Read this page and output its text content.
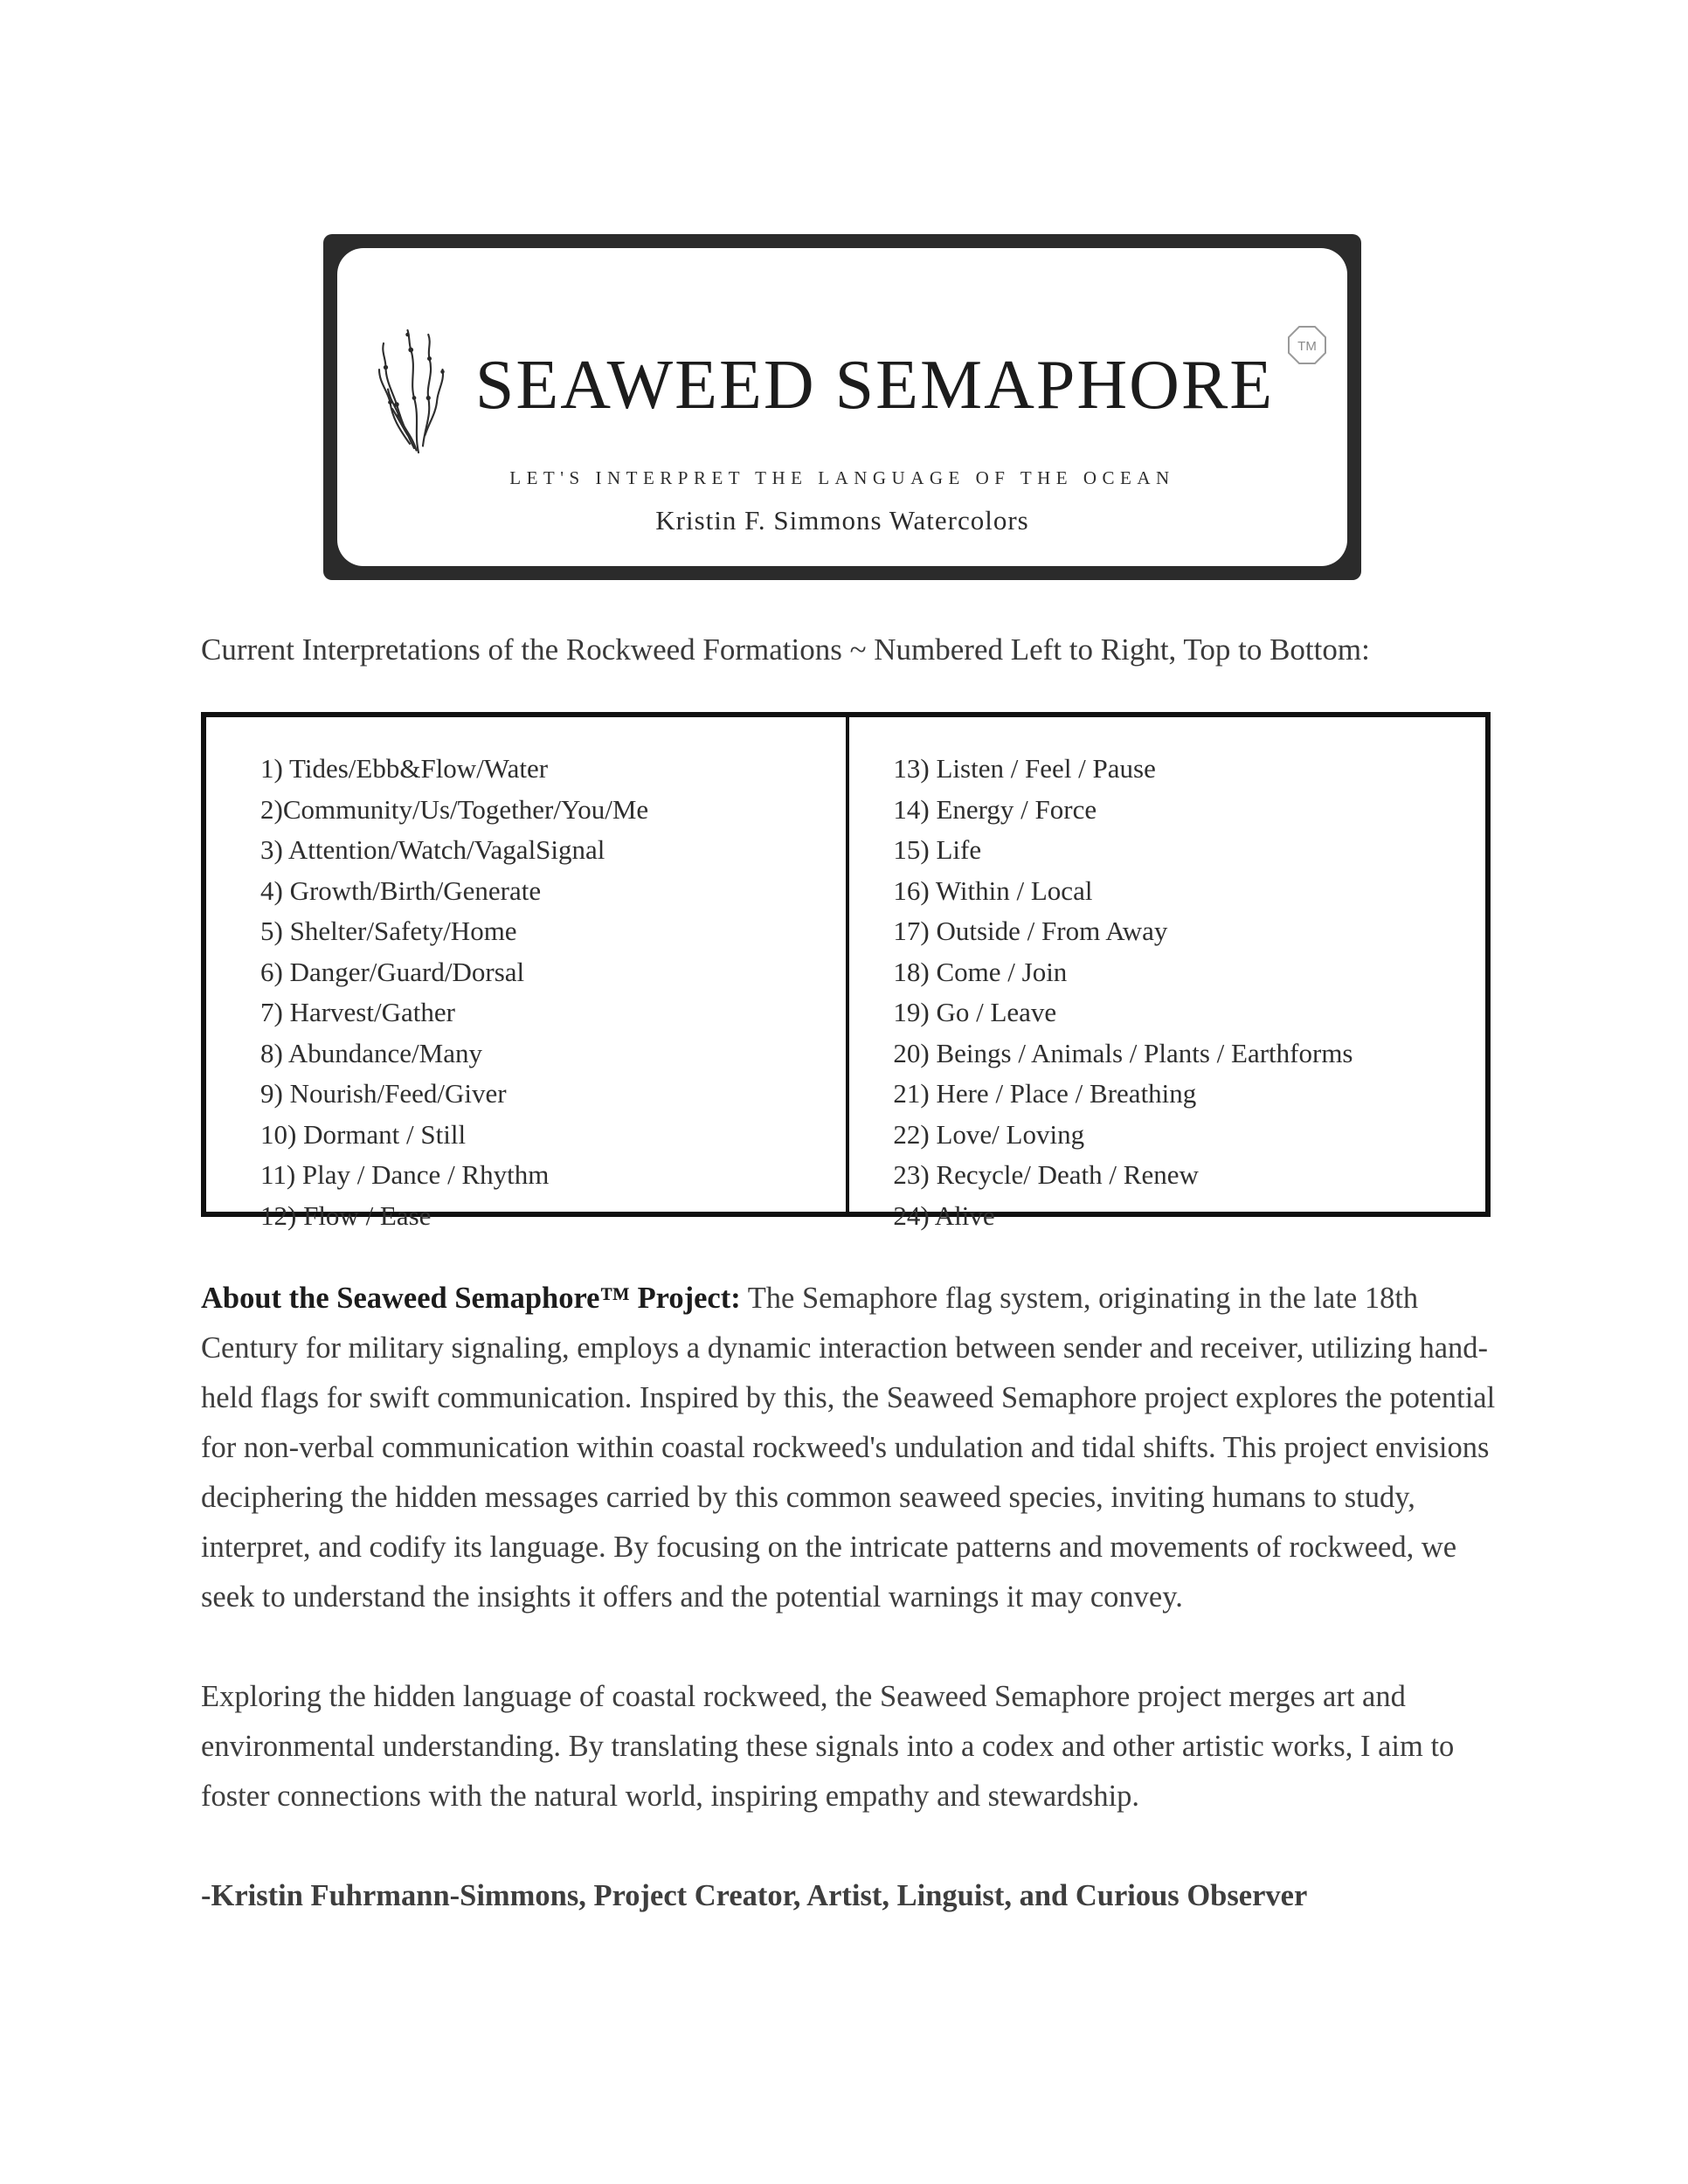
SEAWEED SEMAPHORE
TM
LET'S INTERPRET THE LANGUAGE OF THE OCEAN
Kristin F. Simmons Watercolors
Current Interpretations of the Rockweed Formations ~ Numbered Left to Right, Top to Bottom:
1) Tides/Ebb&Flow/Water
2)Community/Us/Together/You/Me
3) Attention/Watch/VagalSignal
4) Growth/Birth/Generate
5) Shelter/Safety/Home
6) Danger/Guard/Dorsal
7) Harvest/Gather
8) Abundance/Many
9) Nourish/Feed/Giver
10) Dormant / Still
11) Play / Dance / Rhythm
12) Flow / Ease
13) Listen / Feel / Pause
14) Energy / Force
15) Life
16) Within / Local
17) Outside / From Away
18) Come / Join
19) Go / Leave
20) Beings / Animals / Plants / Earthforms
21) Here / Place / Breathing
22) Love/ Loving
23) Recycle/ Death / Renew
24) Alive

About the Seaweed Semaphore™ Project: The Semaphore flag system, originating in the late 18th Century for military signaling, employs a dynamic interaction between sender and receiver, utilizing hand-held flags for swift communication. Inspired by this, the Seaweed Semaphore project explores the potential for non-verbal communication within coastal rockweed's undulation and tidal shifts. This project envisions deciphering the hidden messages carried by this common seaweed species, inviting humans to study, interpret, and codify its language. By focusing on the intricate patterns and movements of rockweed, we seek to understand the insights it offers and the potential warnings it may convey.

Exploring the hidden language of coastal rockweed, the Seaweed Semaphore project merges art and environmental understanding. By translating these signals into a codex and other artistic works, I aim to foster connections with the natural world, inspiring empathy and stewardship.

-Kristin Fuhrmann-Simmons, Project Creator, Artist, Linguist, and Curious Observer
